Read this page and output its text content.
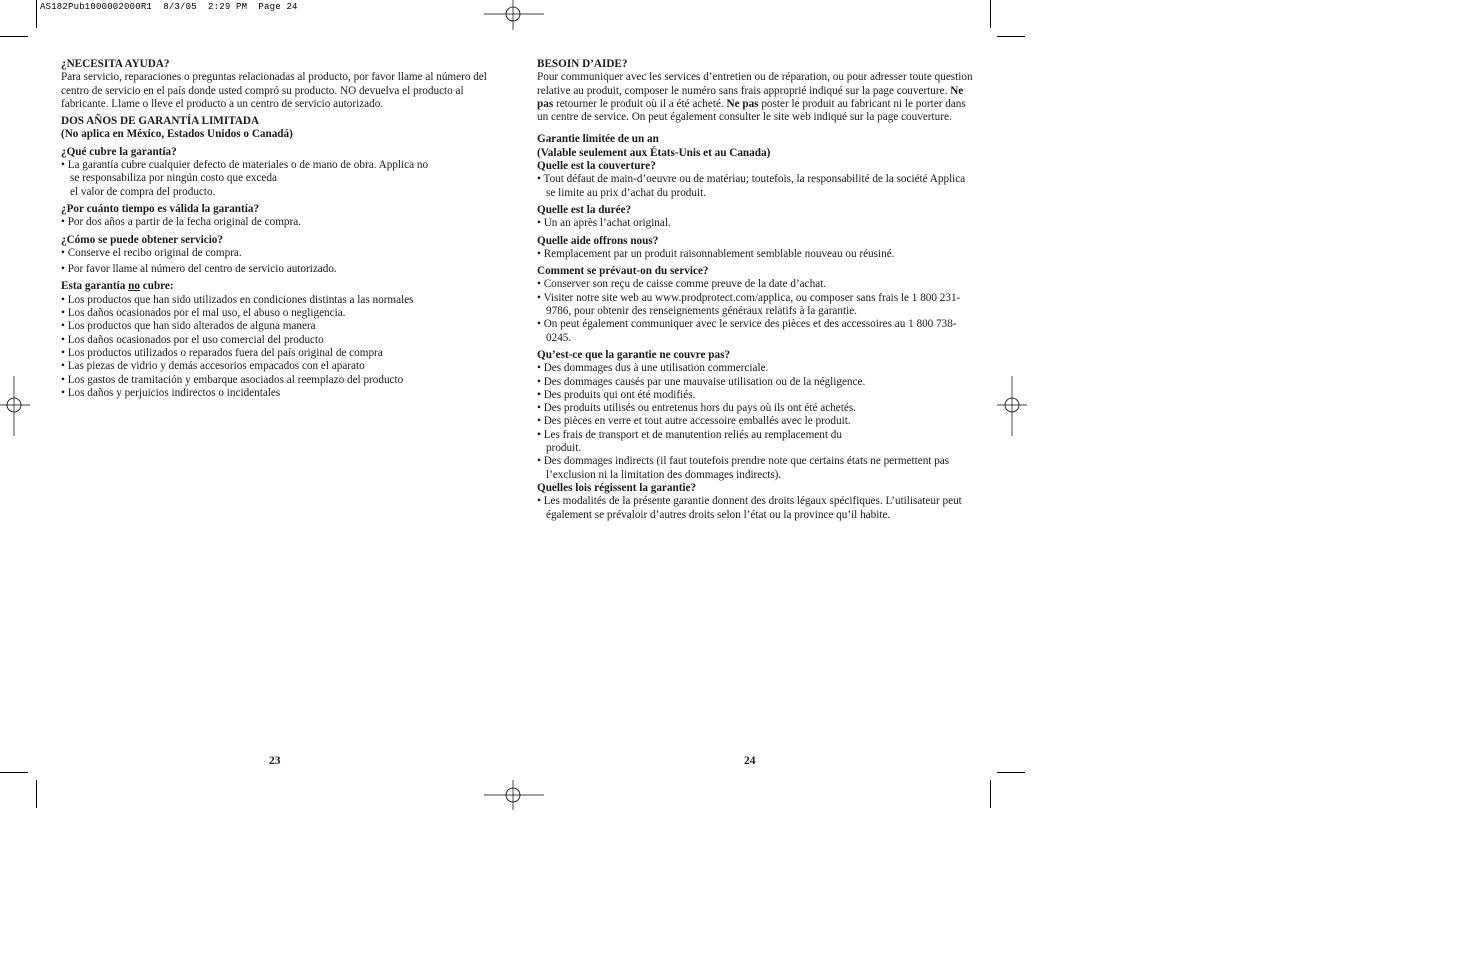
AS182Pub1000002000R1  8/3/05  2:29 PM  Page 24

¿NECESITA AYUDA?

Para servicio, reparaciones o preguntas relacionadas al producto, por favor llame al número del centro de servicio en el país donde usted compró su producto. NO devuelva el producto al fabricante. Llame o lleve el producto a un centro de servicio autorizado.

DOS AÑOS DE GARANTÍA LIMITADA

(No aplica en México, Estados Unidos o Canadá)

¿Qué cubre la garantía?

• La garantía cubre cualquier defecto de materiales o de mano de obra. Applica no

se responsabiliza por ningún costo que exceda

el valor de compra del producto.

¿Por cuánto tiempo es válida la garantía?

• Por dos años a partir de la fecha original de compra.

¿Cómo se puede obtener servicio?

• Conserve el recibo original de compra.

• Por favor llame al número del centro de servicio autorizado.

Esta garantía no cubre:

• Los productos que han sido utilizados en condiciones distintas a las normales

• Los daños ocasionados por el mal uso, el abuso o negligencia.

• Los productos que han sido alterados de alguna manera

• Los daños ocasionados por el uso comercial del producto

• Los productos utilizados o reparados fuera del país original de compra

• Las piezas de vidrio y demás accesorios empacados con el aparato

• Los gastos de tramitación y embarque asociados al reemplazo del producto

• Los daños y perjuicios indirectos o incidentales

BESOIN D’AIDE?

Pour communiquer avec les services d’entretien ou de réparation, ou pour adresser toute question relative au produit, composer le numéro sans frais approprié indiqué sur la page couverture. Ne pas retourner le produit où il a été acheté. Ne pas poster le produit au fabricant ni le porter dans un centre de service. On peut également consulter le site web indiqué sur la page couverture.

Garantie limitée de un an

(Valable seulement aux États-Unis et au Canada)

Quelle est la couverture?

• Tout défaut de main-d’oeuvre ou de matériau; toutefois, la responsabilité de la société Applica se limite au prix d’achat du produit.

Quelle est la durée?

• Un an après l’achat original.

Quelle aide offrons nous?

• Remplacement par un produit raisonnablement semblable nouveau ou réusiné.

Comment se prévaut-on du service?

• Conserver son reçu de caisse comme preuve de la date d’achat.

• Visiter notre site web au www.prodprotect.com/applica, ou composer sans frais le 1 800 231-9786, pour obtenir des renseignements généraux relatifs à la garantie.

• On peut également communiquer avec le service des pièces et des accessoires au 1 800 738-0245.

Qu’est-ce que la garantie ne couvre pas?

• Des dommages dus à une utilisation commerciale.

• Des dommages causés par une mauvaise utilisation ou de la négligence.

• Des produits qui ont été modifiés.

• Des produits utilisés ou entretenus hors du pays où ils ont été achetés.

• Des pièces en verre et tout autre accessoire emballés avec le produit.

• Les frais de transport et de manutention reliés au remplacement du produit.

• Des dommages indirects (il faut toutefois prendre note que certains états ne permettent pas l’exclusion ni la limitation des dommages indirects).

Quelles lois régissent la garantie?

• Les modalités de la présente garantie donnent des droits légaux spécifiques. L’utilisateur peut également se prévaloir d’autres droits selon l’état ou la province qu’il habite.

23	24
